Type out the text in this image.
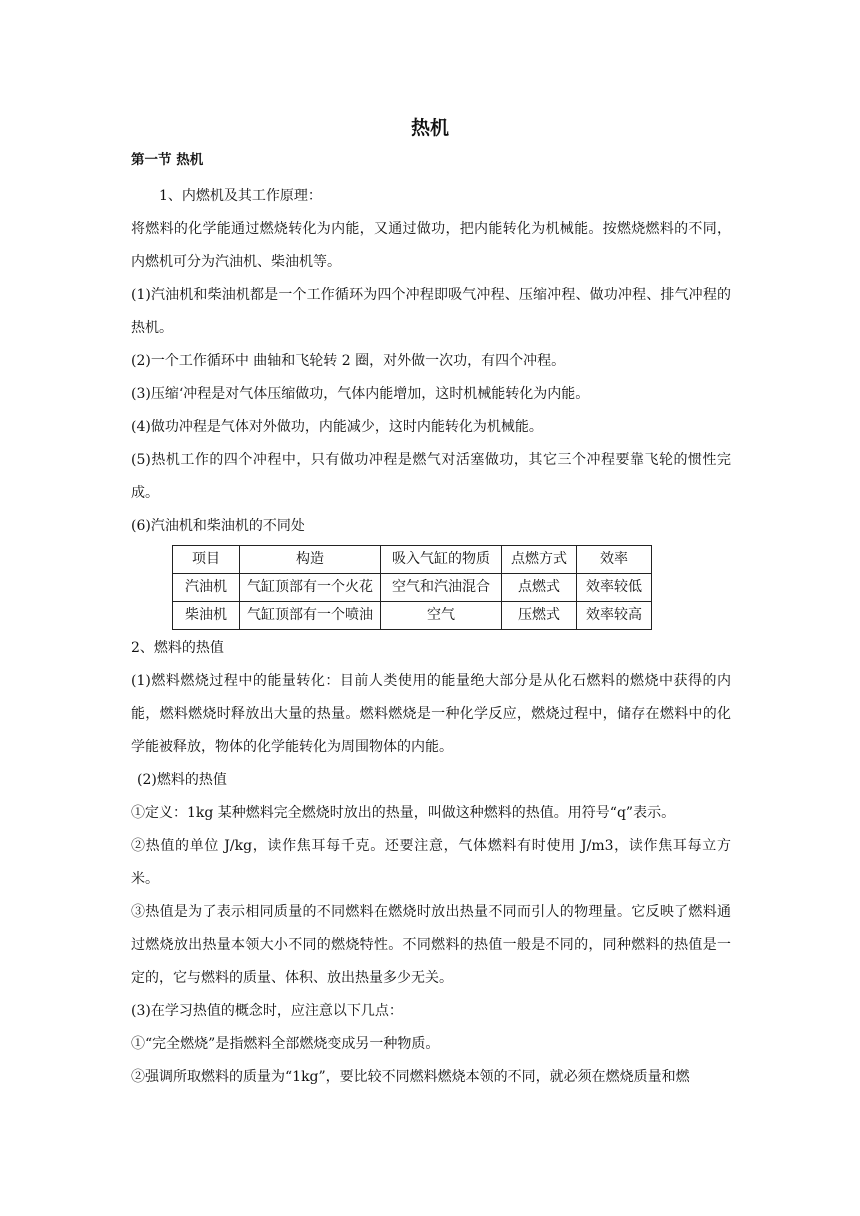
热机
第一节 热机

1、内燃机及其工作原理：

将燃料的化学能通过燃烧转化为内能，又通过做功，把内能转化为机械能。按燃烧燃料的不同，内燃机可分为汽油机、柴油机等。

(1)汽油机和柴油机都是一个工作循环为四个冲程即吸气冲程、压缩冲程、做功冲程、排气冲程的热机。

(2)一个工作循环中 曲轴和飞轮转 2 圈，对外做一次功，有四个冲程。

(3)压缩‘冲程是对气体压缩做功，气体内能增加，这时机械能转化为内能。

(4)做功冲程是气体对外做功，内能减少，这时内能转化为机械能。

(5)热机工作的四个冲程中，只有做功冲程是燃气对活塞做功，其它三个冲程要靠飞轮的惯性完成。

(6)汽油机和柴油机的不同处

项目	构造	吸入气缸的物质	点燃方式	效率
汽油机	气缸顶部有一个火花	空气和汽油混合	点燃式	效率较低
柴油机	气缸顶部有一个喷油	空气	压燃式	效率较高

2、燃料的热值

(1)燃料燃烧过程中的能量转化：目前人类使用的能量绝大部分是从化石燃料的燃烧中获得的内能，燃料燃烧时释放出大量的热量。燃料燃烧是一种化学反应，燃烧过程中，储存在燃料中的化学能被释放，物体的化学能转化为周围物体的内能。

(2)燃料的热值

①定义：1kg 某种燃料完全燃烧时放出的热量，叫做这种燃料的热值。用符号“q”表示。

②热值的单位 J/kg，读作焦耳每千克。还要注意，气体燃料有时使用 J/m3，读作焦耳每立方米。

③热值是为了表示相同质量的不同燃料在燃烧时放出热量不同而引人的物理量。它反映了燃料通过燃烧放出热量本领大小不同的燃烧特性。不同燃料的热值一般是不同的，同种燃料的热值是一定的，它与燃料的质量、体积、放出热量多少无关。

(3)在学习热值的概念时，应注意以下几点：

①“完全燃烧”是指燃料全部燃烧变成另一种物质。

②强调所取燃料的质量为“1kg”，要比较不同燃料燃烧本领的不同，就必须在燃烧质量和燃
